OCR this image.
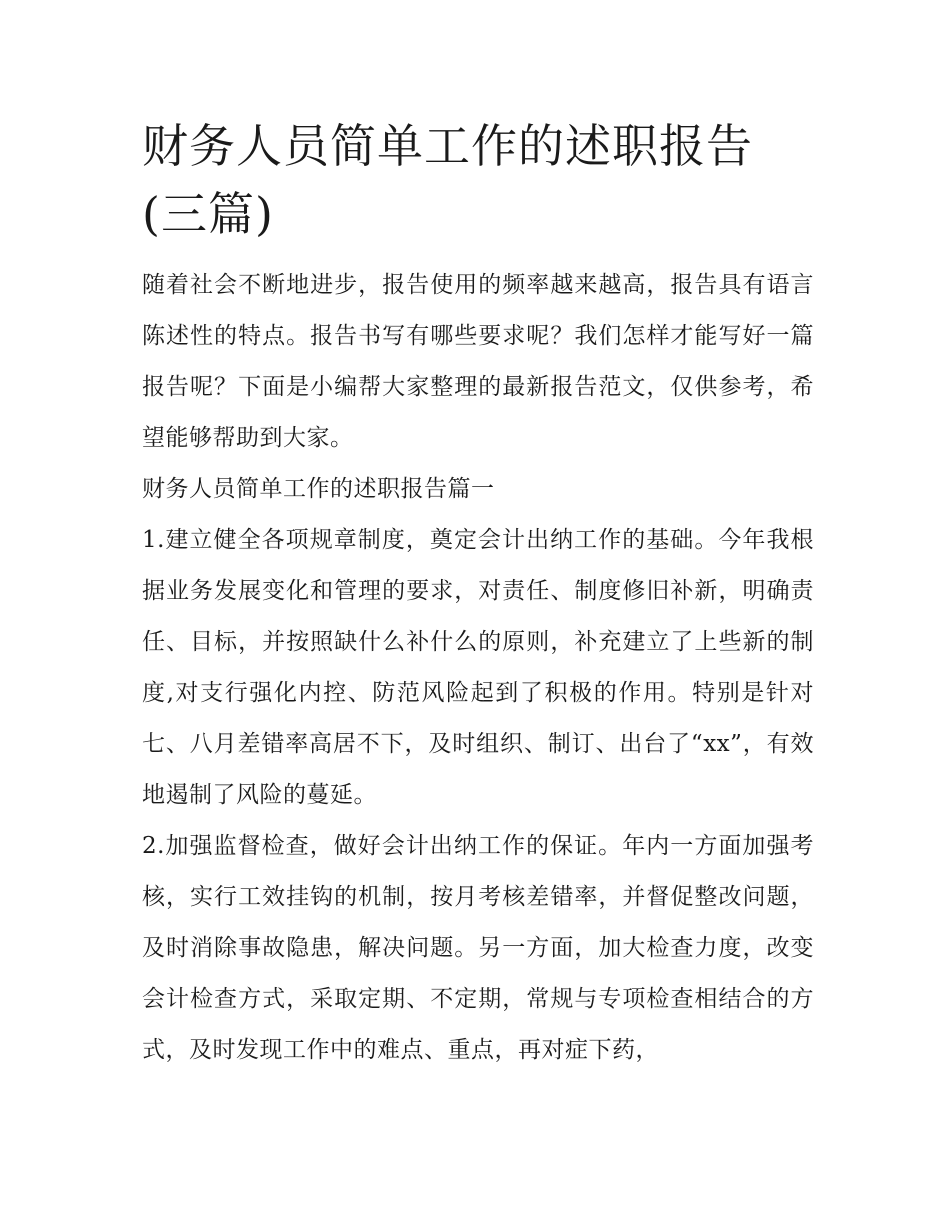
财务人员简单工作的述职报告
(三篇)

随着社会不断地进步，报告使用的频率越来越高，报告具有语言陈述性的特点。报告书写有哪些要求呢？我们怎样才能写好一篇报告呢？下面是小编帮大家整理的最新报告范文，仅供参考，希望能够帮助到大家。

财务人员简单工作的述职报告篇一

1.建立健全各项规章制度，奠定会计出纳工作的基础。今年我根据业务发展变化和管理的要求，对责任、制度修旧补新，明确责任、目标，并按照缺什么补什么的原则，补充建立了上些新的制度,对支行强化内控、防范风险起到了积极的作用。特别是针对七、八月差错率高居不下，及时组织、制订、出台了“xx”，有效地遏制了风险的蔓延。

2.加强监督检查，做好会计出纳工作的保证。年内一方面加强考核，实行工效挂钩的机制，按月考核差错率，并督促整改问题，及时消除事故隐患，解决问题。另一方面，加大检查力度，改变会计检查方式，采取定期、不定期，常规与专项检查相结合的方式，及时发现工作中的难点、重点，再对症下药，
